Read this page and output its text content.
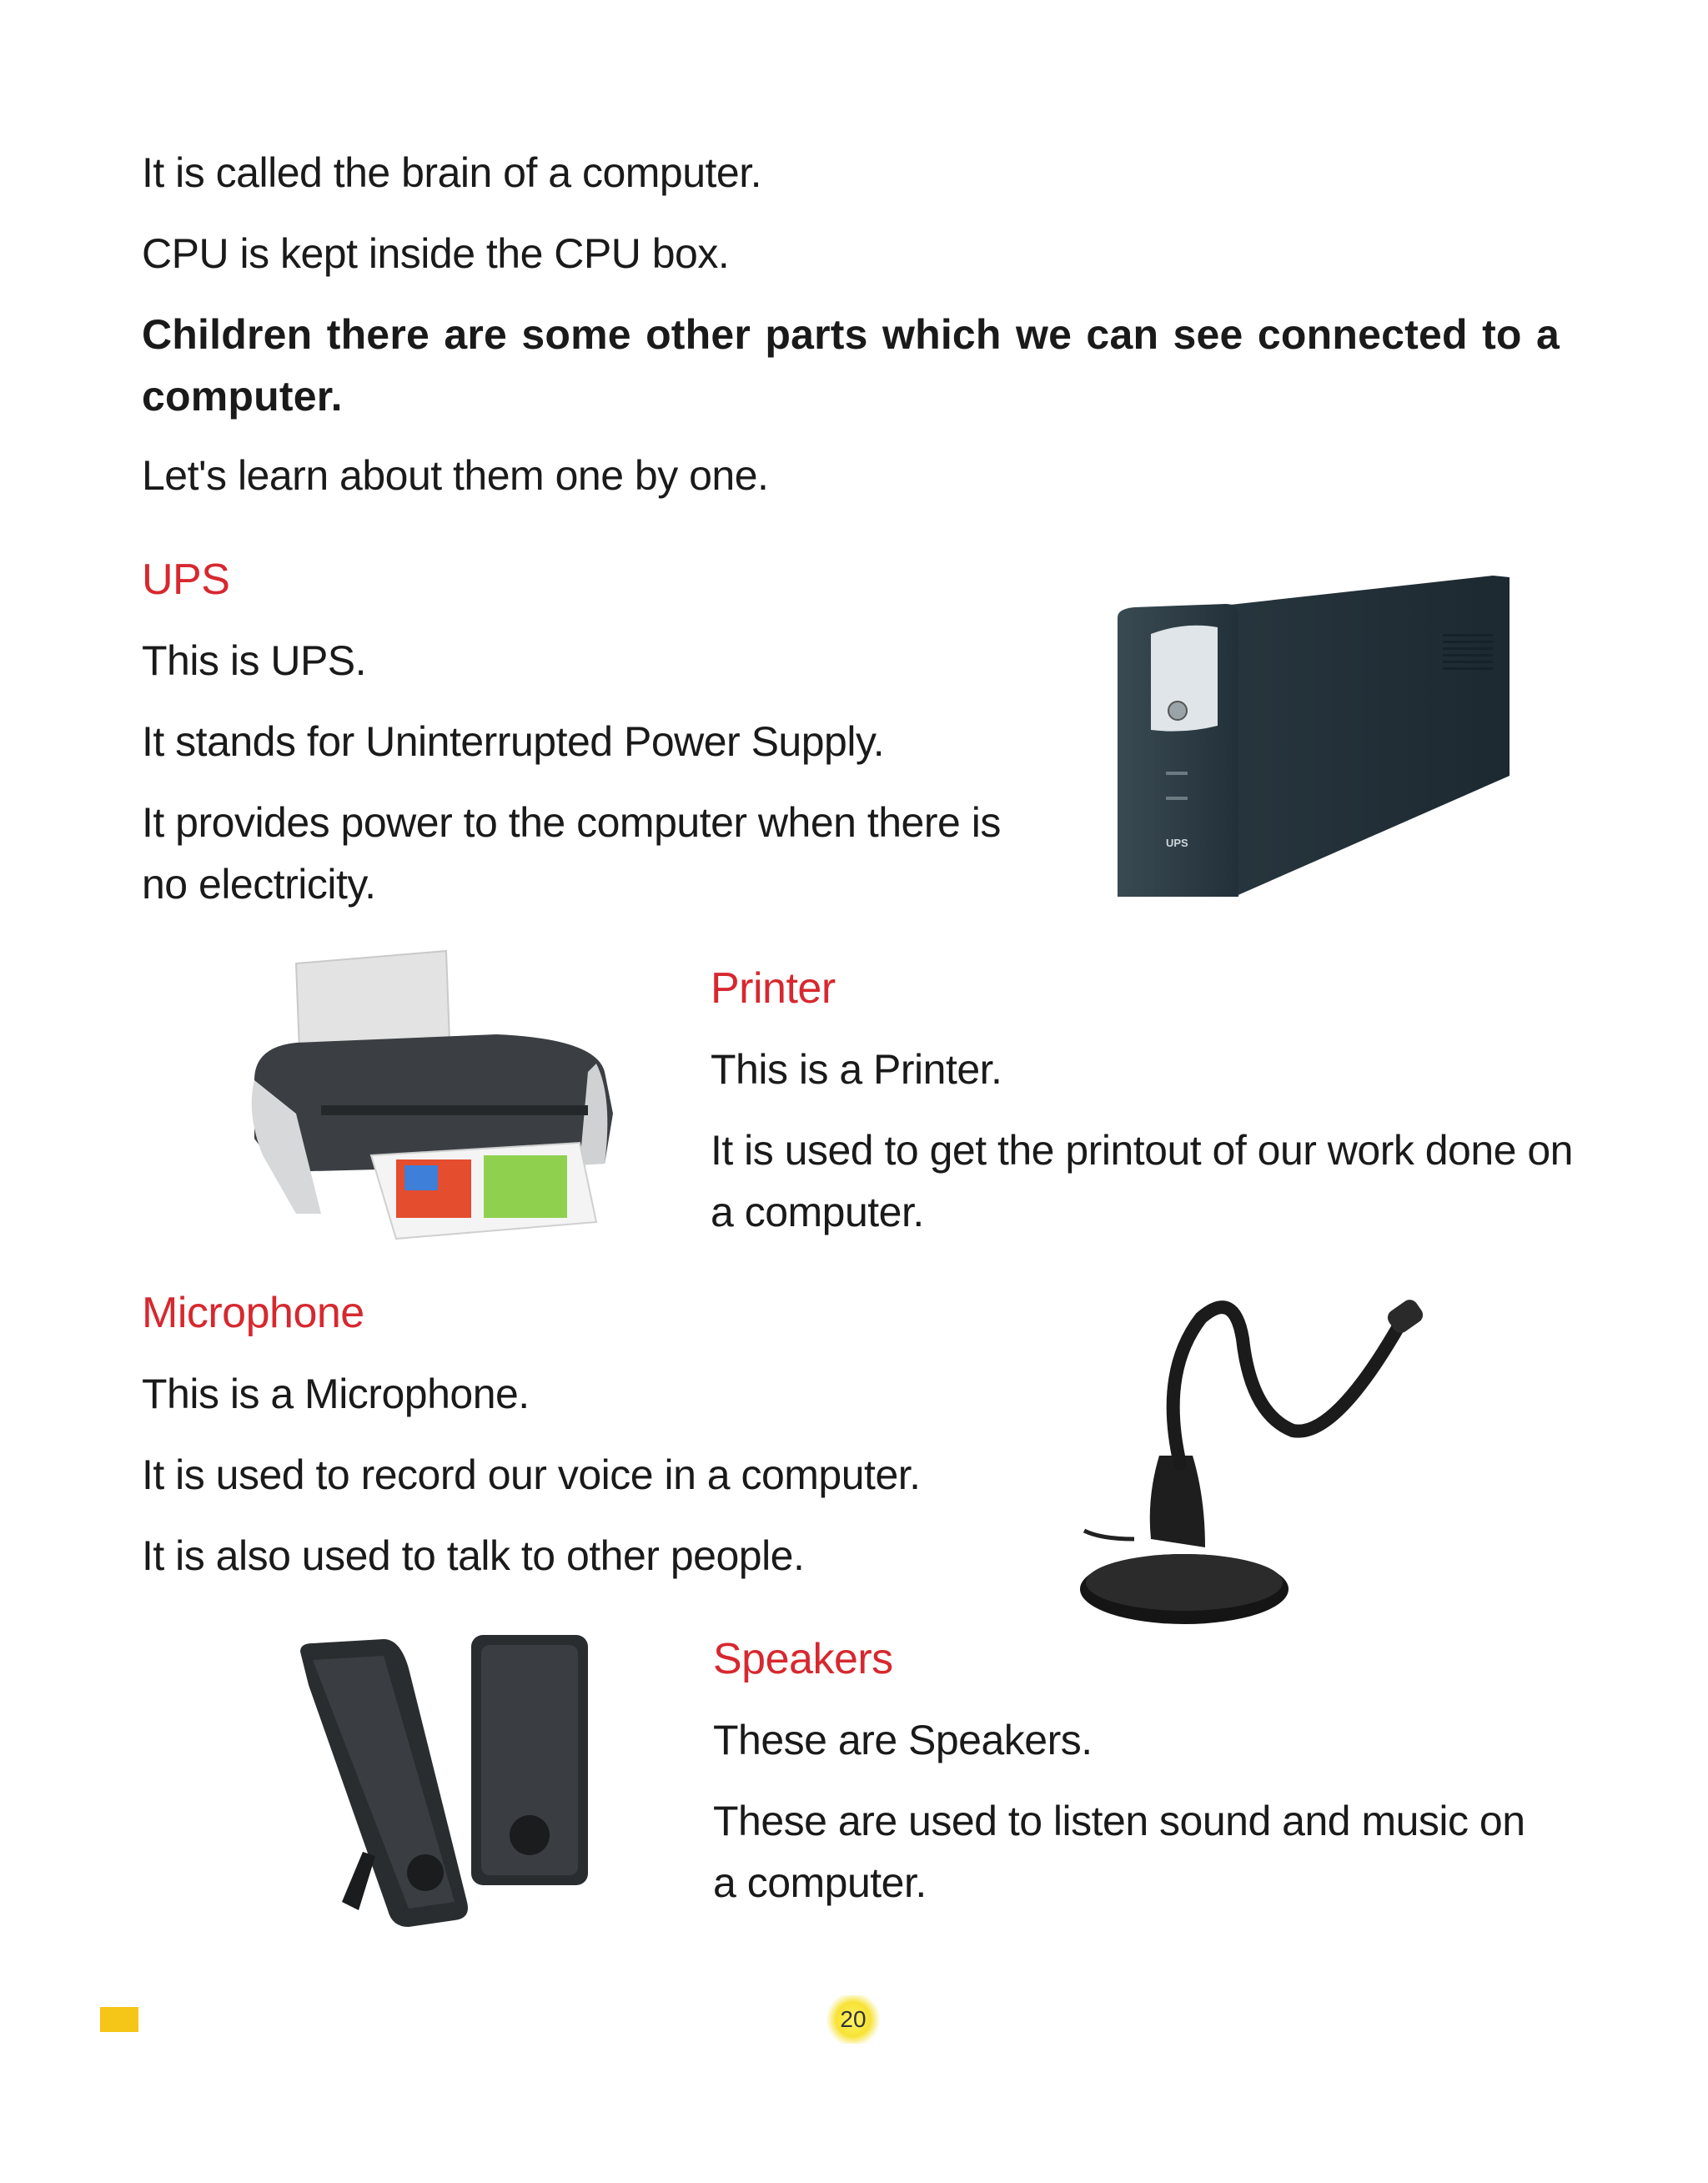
It is called the brain of a computer.

CPU is kept inside the CPU box.

Children there are some other parts which we can see connected to a computer.

Let's learn about them one by one.

UPS

This is UPS.

It stands for Uninterrupted Power Supply.

It provides power to the computer when there is no electricity.

UPS

Printer

This is a Printer.

It is used to get the printout of our work done on a computer.

Microphone

This is a Microphone.

It is used to record our voice in a computer.

It is also used to talk to other people.

Speakers

These are Speakers.

These are used to listen sound and music on a computer.

20
